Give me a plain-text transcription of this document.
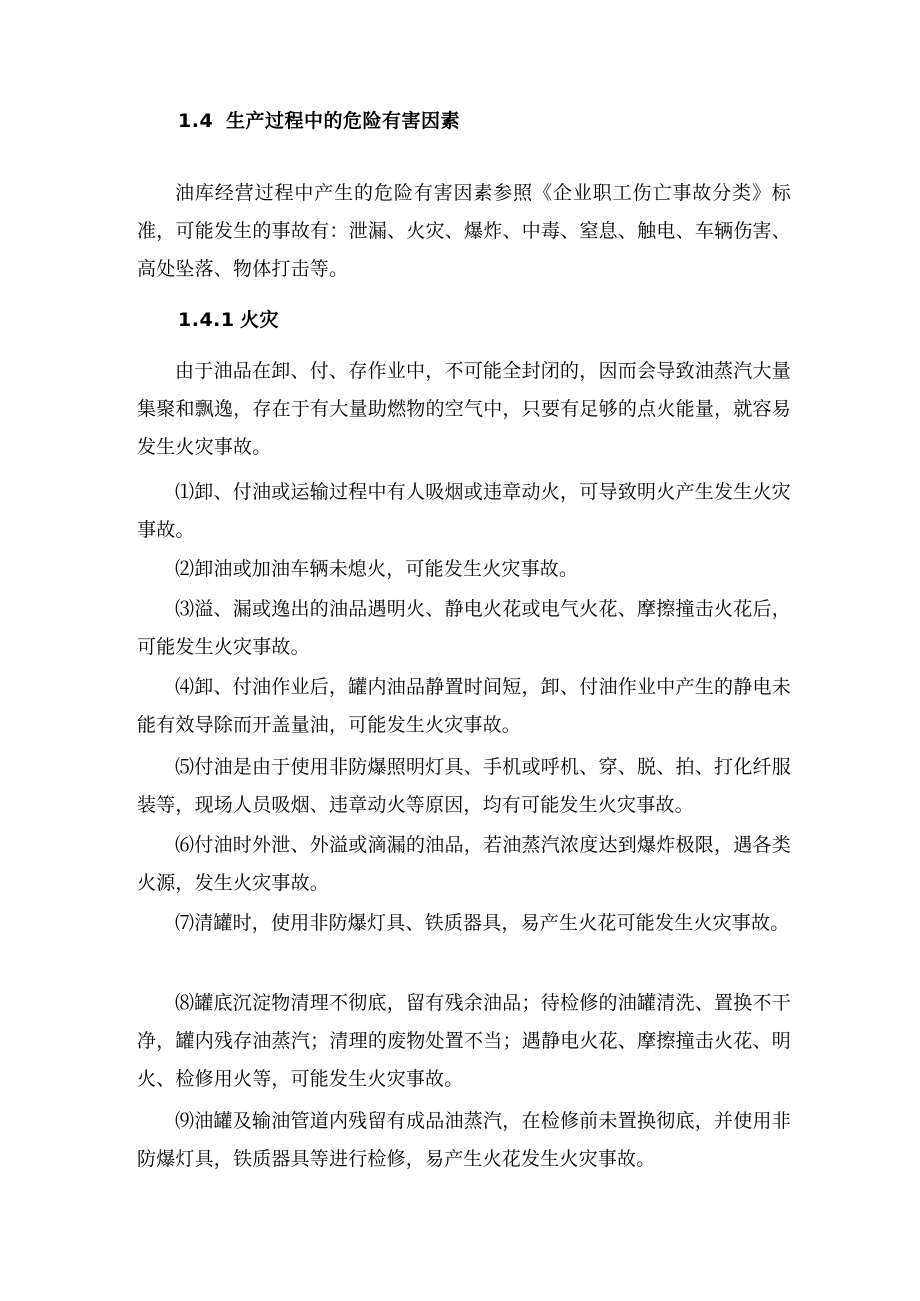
1.4 生产过程中的危险有害因素

油库经营过程中产生的危险有害因素参照《企业职工伤亡事故分类》标准，可能发生的事故有：泄漏、火灾、爆炸、中毒、窒息、触电、车辆伤害、高处坠落、物体打击等。

1.4.1 火灾

由于油品在卸、付、存作业中，不可能全封闭的，因而会导致油蒸汽大量集聚和飘逸，存在于有大量助燃物的空气中，只要有足够的点火能量，就容易发生火灾事故。

⑴卸、付油或运输过程中有人吸烟或违章动火，可导致明火产生发生火灾事故。

⑵卸油或加油车辆未熄火，可能发生火灾事故。

⑶溢、漏或逸出的油品遇明火、静电火花或电气火花、摩擦撞击火花后，可能发生火灾事故。

⑷卸、付油作业后，罐内油品静置时间短，卸、付油作业中产生的静电未能有效导除而开盖量油，可能发生火灾事故。

⑸付油是由于使用非防爆照明灯具、手机或呼机、穿、脱、拍、打化纤服装等，现场人员吸烟、违章动火等原因，均有可能发生火灾事故。

⑹付油时外泄、外溢或滴漏的油品，若油蒸汽浓度达到爆炸极限，遇各类火源，发生火灾事故。

⑺清罐时，使用非防爆灯具、铁质器具，易产生火花可能发生火灾事故。

⑻罐底沉淀物清理不彻底，留有残余油品；待检修的油罐清洗、置换不干净，罐内残存油蒸汽；清理的废物处置不当；遇静电火花、摩擦撞击火花、明火、检修用火等，可能发生火灾事故。

⑼油罐及输油管道内残留有成品油蒸汽，在检修前未置换彻底，并使用非防爆灯具，铁质器具等进行检修，易产生火花发生火灾事故。
